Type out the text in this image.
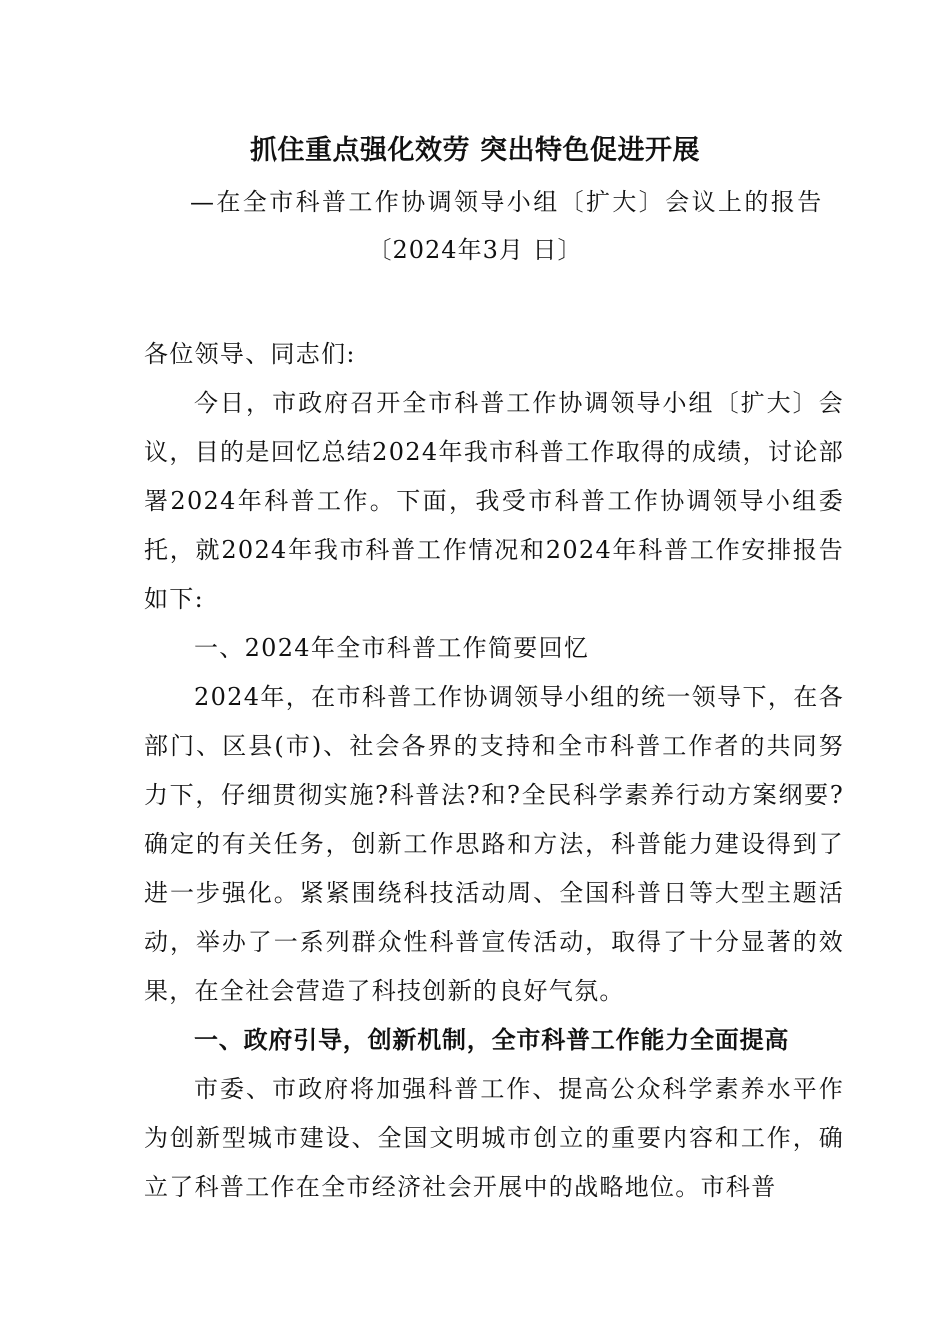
抓住重点强化效劳 突出特色促进开展
—在全市科普工作协调领导小组〔扩大〕会议上的报告
〔2024年3月 日〕

各位领导、同志们:

今日，市政府召开全市科普工作协调领导小组〔扩大〕会议，目的是回忆总结2024年我市科普工作取得的成绩，讨论部署2024年科普工作。下面，我受市科普工作协调领导小组委托，就2024年我市科普工作情况和2024年科普工作安排报告如下:

一、2024年全市科普工作简要回忆

2024年，在市科普工作协调领导小组的统一领导下，在各部门、区县(市)、社会各界的支持和全市科普工作者的共同努力下，仔细贯彻实施?科普法?和?全民科学素养行动方案纲要?确定的有关任务，创新工作思路和方法，科普能力建设得到了进一步强化。紧紧围绕科技活动周、全国科普日等大型主题活动，举办了一系列群众性科普宣传活动，取得了十分显著的效果，在全社会营造了科技创新的良好气氛。

一、政府引导，创新机制，全市科普工作能力全面提高

市委、市政府将加强科普工作、提高公众科学素养水平作为创新型城市建设、全国文明城市创立的重要内容和工作，确立了科普工作在全市经济社会开展中的战略地位。市科普
